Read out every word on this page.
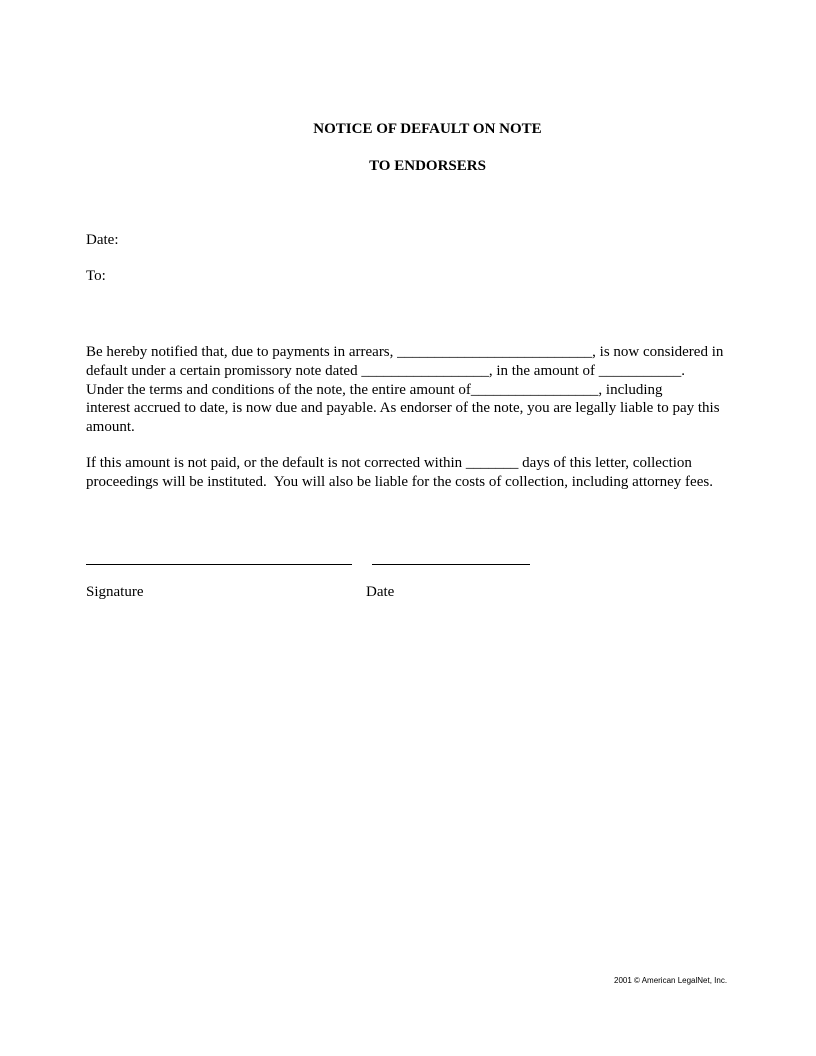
NOTICE OF DEFAULT ON NOTE
TO ENDORSERS
Date:
To:
Be hereby notified that, due to payments in arrears, __________________________, is now considered in
default under a certain promissory note dated _________________, in the amount of ___________.
Under the terms and conditions of the note, the entire amount of_________________, including
interest accrued to date, is now due and payable. As endorser of the note, you are legally liable to pay this
amount.
If this amount is not paid, or the default is not corrected within _______ days of this letter, collection
proceedings will be instituted.  You will also be liable for the costs of collection, including attorney fees.
Signature	Date
2001 © American LegalNet, Inc.
